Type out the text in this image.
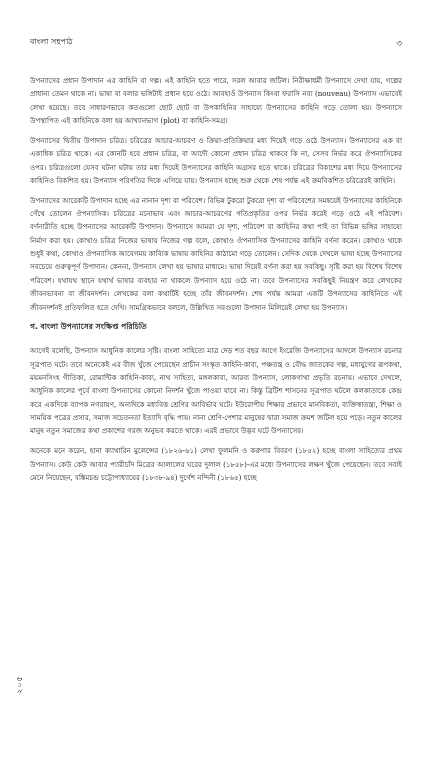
বাংলা সহপাঠ	৩

উপন্যাসের প্রধান উপাদান এর কাহিনি বা গল্প। এই কাহিনি হতে পারে, সরল আবার জটিল। নিরীক্ষাধর্মী উপন্যাসে দেখা যায়, গল্পের প্রাধান্য তেমন থাকে না। ভাষা বা বলার ভঙ্গিটাই প্রধান হয়ে ওঠে। আবহাওঁ উপন্যাস কিংবা ফরাসি নব্য (nouveau) উপন্যাস এভাবেই লেখা হয়েছে। তবে সাধারণভাবে কতগুলো ছোট ছোট বা উপকাহিনির সাহায্যে উপন্যাসের কাহিনি গড়ে তোলা হয়। উপন্যাসে উপস্থাপিত এই কাহিনিকে বলা হয় আখ্যানভাগ (plot) বা কাহিনি-সমগ্র।

উপন্যাসের দ্বিতীয় উপাদান চরিত্র। চরিত্রের আচার-আচরণ ও ক্রিয়া-প্রতিক্রিয়ার মধ্য দিয়েই গড়ে ওঠে উপন্যাস। উপন্যাসের এক বা একাধিক চরিত্র থাকে। এর কোনটি হবে প্রধান চরিত্র, বা আদৌ কোনো প্রধান চরিত্র থাকবে কি না, সেসব নির্ভর করে ঔপন্যাসিকের ওপর। চরিত্রগুলো যেসব ঘটনা ঘটায় তার মধ্য দিয়েই উপন্যাসের কাহিনি অগ্রসর হতে থাকে। চরিত্রের বিকাশের মধ্য দিয়ে উপন্যাসের কাহিনিও বিকশিত হয়। উপন্যাস পরিণতির দিকে এগিয়ে যায়। উপন্যাস হচ্ছে শুরু থেকে শেষ পর্যন্ত এই ক্রমবিকশিত চরিত্রেরই কাহিনি।

উপন্যাসের আরেকটি উপাদান হচ্ছে এর নানান দৃশ্য বা পরিবেশ। বিভিন্ন টুকরো টুকরো দৃশ্য বা পরিবেশের সমন্বয়েই উপন্যাসের কাহিনিকে গেঁথে তোলেন ঔপন্যাসিক। চরিত্রের মনোভাব এবং আচার-আচরণের গতিপ্রকৃতির ওপর নির্ভর করেই গড়ে ওঠে এই পরিবেশ। বর্ণনারীতি হচ্ছে উপন্যাসের আরেকটি উপাদান। উপন্যাসে আমরা যে দৃশ্য, পরিবেশ বা কাহিনির কথা পাই তা বিভিন্ন ভঙ্গির সাহায্যে নির্মাণ করা হয়। কোথাও চরিত্র নিজের ভাষায় নিজের গল্প বলে, কোথাও ঔপন্যাসিক উপন্যাসের কাহিনি বর্ণনা করেন। কোথাও থাকে শুধুই কথা, কোথাও ঔপন্যাসিক আবেগময় কাব্যিক ভাষায় কাহিনির কাঠামো গড়ে তোলেন। সেদিক থেকে দেখলে ভাষা হচ্ছে উপন্যাসের সবচেয়ে গুরুত্বপূর্ণ উপাদান। কেননা, উপন্যাস লেখা হয় ভাষার মাধ্যমে। ভাষা দিয়েই বর্ণনা করা হয় সবকিছু। সৃষ্টি করা হয় বিশেষ বিশেষ পরিবেশ। যথাযথ স্থানে যথার্থ ভাষার ব্যবহার না থাকলে উপন্যাস হয়ে ওঠে না। তবে উপন্যাসের সবকিছুই নিয়ন্ত্রণ করে লেখকের জীবনভাবনা বা জীবনদর্শন। লেখকের বলা কথাটিই হচ্ছে তাঁর জীবনদর্শন। শেষ পর্যন্ত আমরা একটি উপন্যাসের কাহিনিতে এই জীবনদর্শনই প্রতিফলিত হতে দেখি। সামগ্রিকভাবে বললে, উল্লিখিত সবগুলো উপাদান মিলিয়েই লেখা হয় উপন্যাস।

গ. বাংলা উপন্যাসের সংক্ষিপ্ত পরিচিতি

আগেই বলেছি, উপন্যাস আধুনিক কালের সৃষ্টি। বাংলা সাহিত্যে মাত্র দেড় শত বছর আগে ইংরেজি উপন্যাসের আদলে উপন্যাস রচনার সূত্রপাত ঘটে। তবে অনেকেই এর বীজ খুঁজে পেয়েছেন প্রাচীন সংস্কৃত কাহিনি-কাব্য, পঞ্চতন্ত্র ও বৌদ্ধ জাতকের গল্প, মধ্যযুগের রূপকথা, ময়মনসিংহ গীতিকা, রোমান্টিক কাহিনি-কাব্য, নাথ সাহিত্য, মঙ্গলকাব্য, আরব্য উপন্যাস, লোকগাথা প্রভৃতি রচনায়। এভাবে দেখলে, আধুনিক কালের পূর্বে বাংলা উপন্যাসের কোনো নিদর্শন খুঁজে পাওয়া যাবে না। কিন্তু ব্রিটিশ শাসনের সূত্রপাত ঘটলে কলকাতাকে কেন্দ্র করে একদিকে ব্যাপক নগরায়ণ, অন্যদিকে মধ্যবিত্ত শ্রেণির আবির্ভাব ঘটে। ইউরোপীয় শিক্ষার প্রভাবে মানবিকতা, ব্যক্তিস্বাতন্ত্র্য, শিক্ষা ও সাময়িক পত্রের প্রসার, সমাজ সচেতনতা ইত্যাদি বৃদ্ধি পায়। নানা শ্রেণি-পেশার মানুষের দ্বারা সমাজ ক্রমশ জটিল হয়ে পড়ে। নতুন কালের মানুষ নতুন সমাজের কথা প্রকাশের গরজ অনুভব করতে থাকে। এরই প্রভাবে উদ্ভব ঘটে উপন্যাসের।

অনেকে মনে করেন, হানা ক্যাথারিন মুলেন্সের (১৮২৬-৬১) লেখা ফুলমনি ও করুণার বিবরণ (১৮৫২) হচ্ছে বাংলা সাহিত্যের প্রথম উপন্যাস। কেউ কেউ আবার প্যারীচাঁদ মিত্রের আলালের ঘরের দুলাল (১৮৫৮)-এর মধ্যে উপন্যাসের লক্ষণ খুঁজে পেয়েছেন। তবে সবাই মেনে নিয়েছেন, বঙ্কিমচন্দ্র চট্টোপাধ্যায়ের (১৮৩৮-৯৪) দুর্গেশ নন্দিনী (১৮৬৫) হচ্ছে

২০৫
